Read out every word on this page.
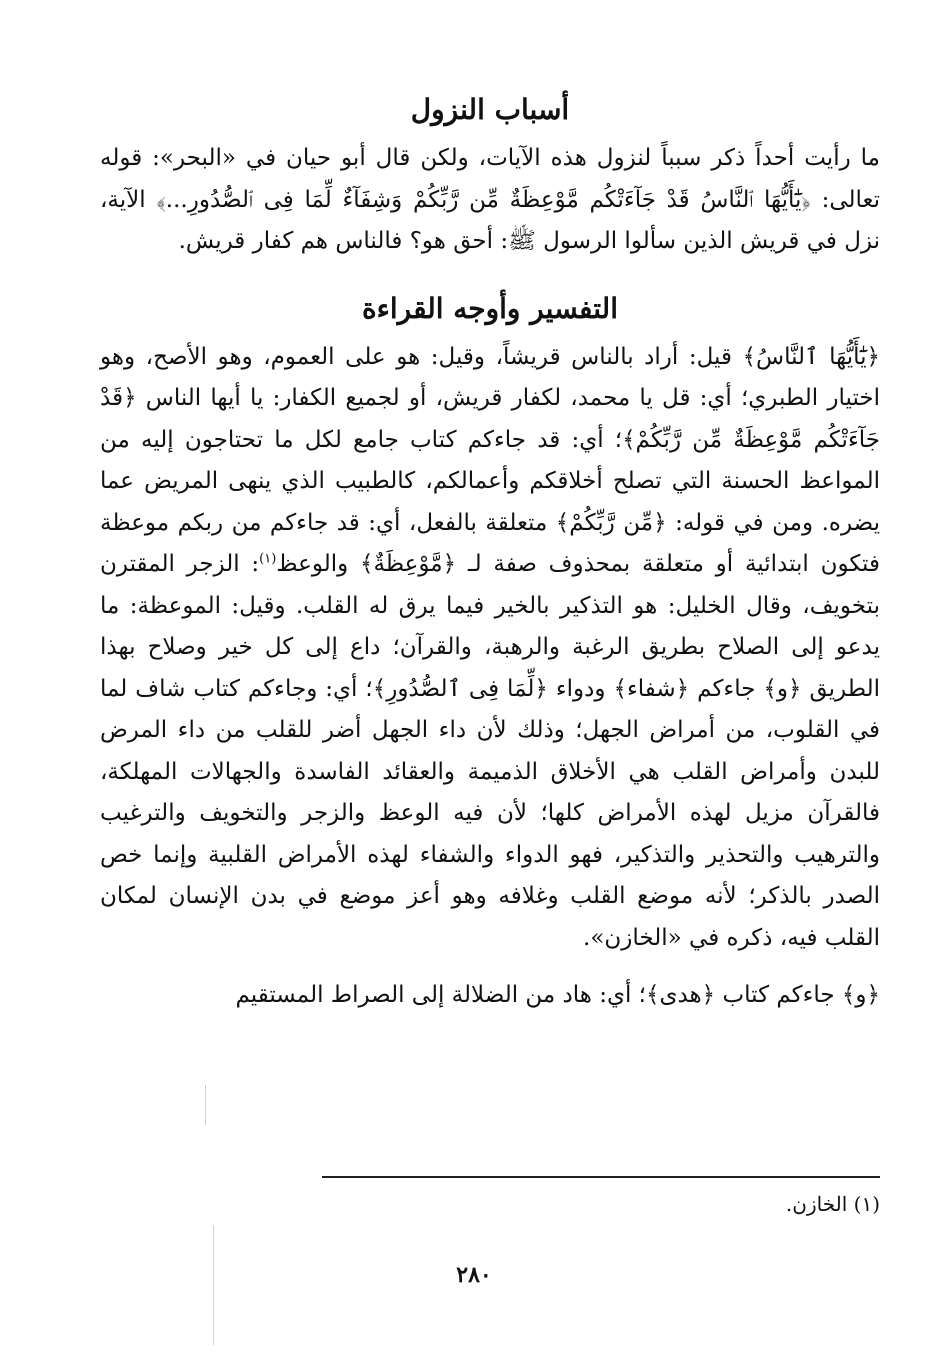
أسباب النزول

ما رأيت أحداً ذكر سبباً لنزول هذه الآيات، ولكن قال أبو حيان في «البحر»: قوله تعالى: ﴿يَٰٓأَيُّهَا ٱلنَّاسُ قَدْ جَآءَتْكُم مَّوْعِظَةٌ مِّن رَّبِّكُمْ وَشِفَآءٌ لِّمَا فِى ٱلصُّدُورِ...﴾ الآية، نزل في قريش الذين سألوا الرسول ﷺ: أحق هو؟ فالناس هم كفار قريش.

التفسير وأوجه القراءة

﴿يَٰٓأَيُّهَا ٱلنَّاسُ﴾ قيل: أراد بالناس قريشاً، وقيل: هو على العموم، وهو الأصح، وهو اختيار الطبري؛ أي: قل يا محمد، لكفار قريش، أو لجميع الكفار: يا أيها الناس ﴿قَدْ جَآءَتْكُم مَّوْعِظَةٌ مِّن رَّبِّكُمْ﴾؛ أي: قد جاءكم كتاب جامع لكل ما تحتاجون إليه من المواعظ الحسنة التي تصلح أخلاقكم وأعمالكم، كالطبيب الذي ينهى المريض عما يضره. ومن في قوله: ﴿مِّن رَّبِّكُمْ﴾ متعلقة بالفعل، أي: قد جاءكم من ربكم موعظة فتكون ابتدائية أو متعلقة بمحذوف صفة لـ ﴿مَّوْعِظَةٌ﴾ والوعظ$^{(١)}$: الزجر المقترن بتخويف، وقال الخليل: هو التذكير بالخير فيما يرق له القلب. وقيل: الموعظة: ما يدعو إلى الصلاح بطريق الرغبة والرهبة، والقرآن؛ داع إلى كل خير وصلاح بهذا الطريق ﴿و﴾ جاءكم ﴿شفاء﴾ ودواء ﴿لِّمَا فِى ٱلصُّدُورِ﴾؛ أي: وجاءكم كتاب شاف لما في القلوب، من أمراض الجهل؛ وذلك لأن داء الجهل أضر للقلب من داء المرض للبدن وأمراض القلب هي الأخلاق الذميمة والعقائد الفاسدة والجهالات المهلكة، فالقرآن مزيل لهذه الأمراض كلها؛ لأن فيه الوعظ والزجر والتخويف والترغيب والترهيب والتحذير والتذكير، فهو الدواء والشفاء لهذه الأمراض القلبية وإنما خص الصدر بالذكر؛ لأنه موضع القلب وغلافه وهو أعز موضع في بدن الإنسان لمكان القلب فيه، ذكره في «الخازن».

﴿و﴾ جاءكم كتاب ﴿هدى﴾؛ أي: هاد من الضلالة إلى الصراط المستقيم

(١) الخازن.
٢٨٠
